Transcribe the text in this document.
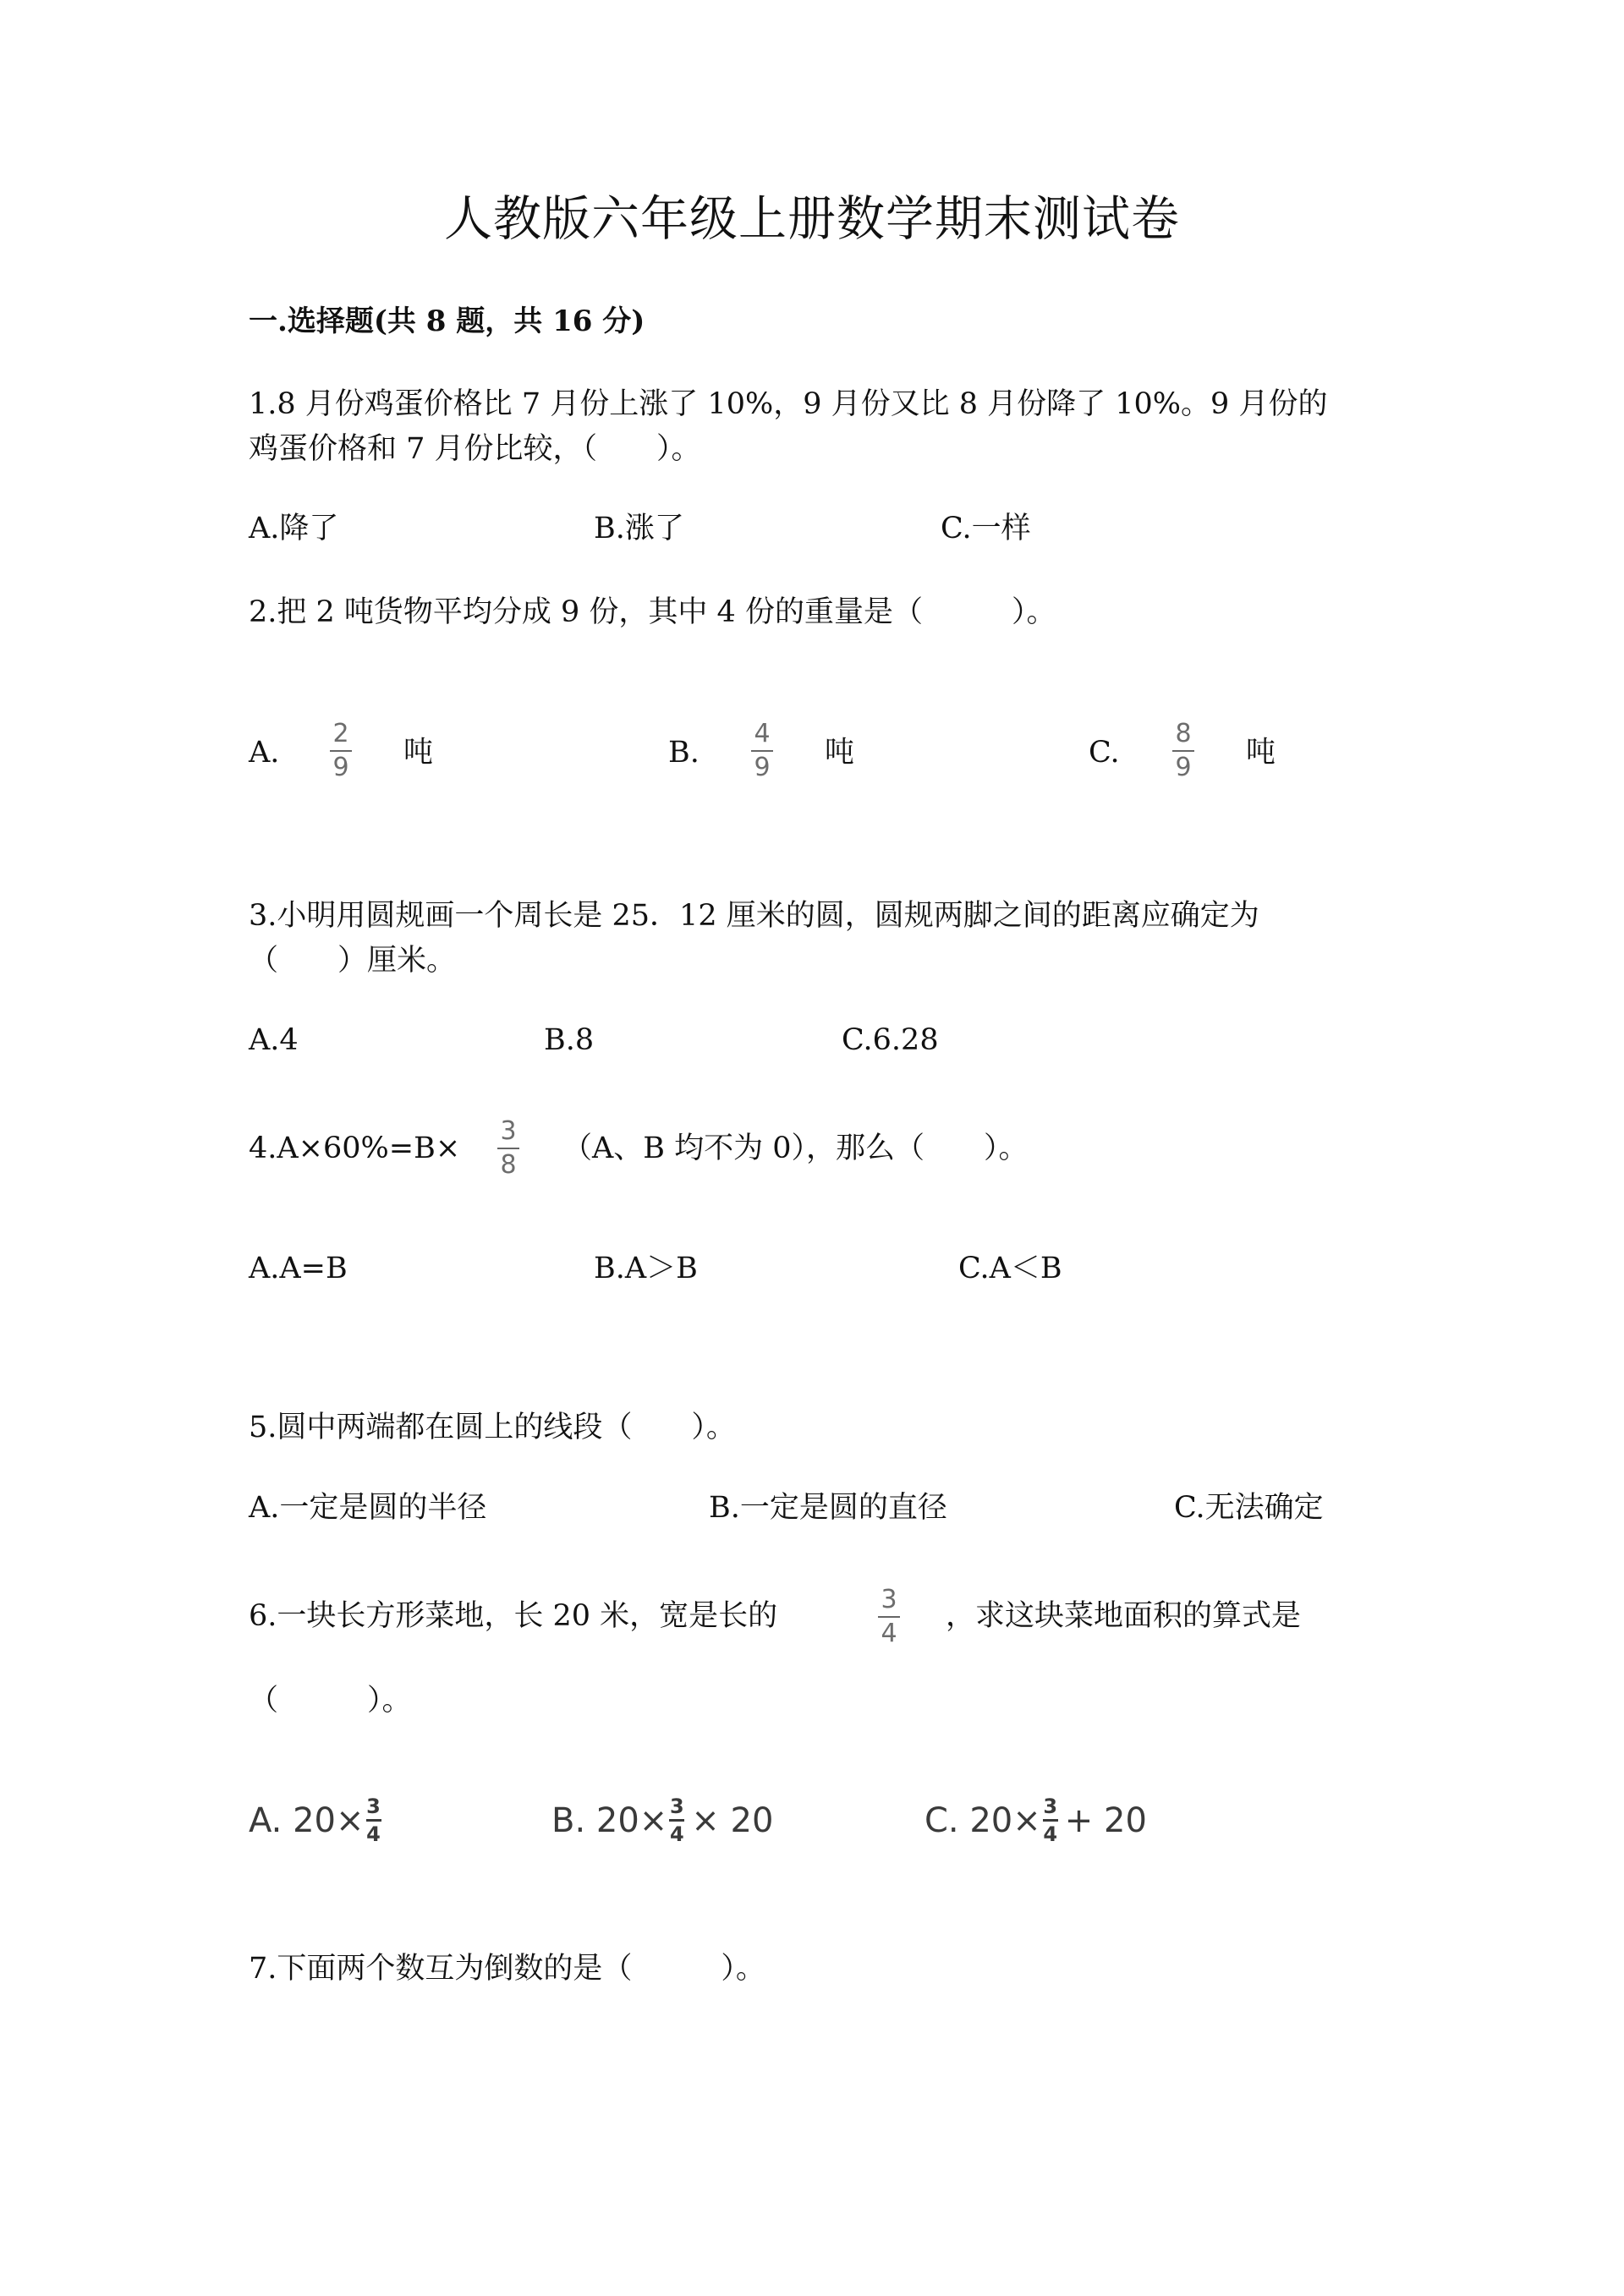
人教版六年级上册数学期末测试卷
一.选择题(共 8 题，共 16 分)
1.8 月份鸡蛋价格比 7 月份上涨了 10%，9 月份又比 8 月份降了 10%。9 月份的
鸡蛋价格和 7 月份比较，（　　）。
A.降了	B.涨了	C.一样
2.把 2 吨货物平均分成 9 份，其中 4 份的重量是（　　　）。
A.
2
9 吨	B.
4
9 吨	C.
8
9 吨
3.小明用圆规画一个周长是 25．12 厘米的圆，圆规两脚之间的距离应确定为
（　　）厘米。
A.4	B.8	C.6.28
4.A×60%=B×
3
8 （A、B 均不为 0），那么（　　）。
A.A=B	B.A＞B	C.A＜B
5.圆中两端都在圆上的线段（　　）。
A.一定是圆的半径	B.一定是圆的直径	C.无法确定
6.一块长方形菜地，长 20 米，宽是长的	3
4 ，求这块菜地面积的算式是
（　　　）。
A. 20× 3
4	B. 20× 3
4 × 20	C. 20× 3
4 + 20
7.下面两个数互为倒数的是（　　　）。
